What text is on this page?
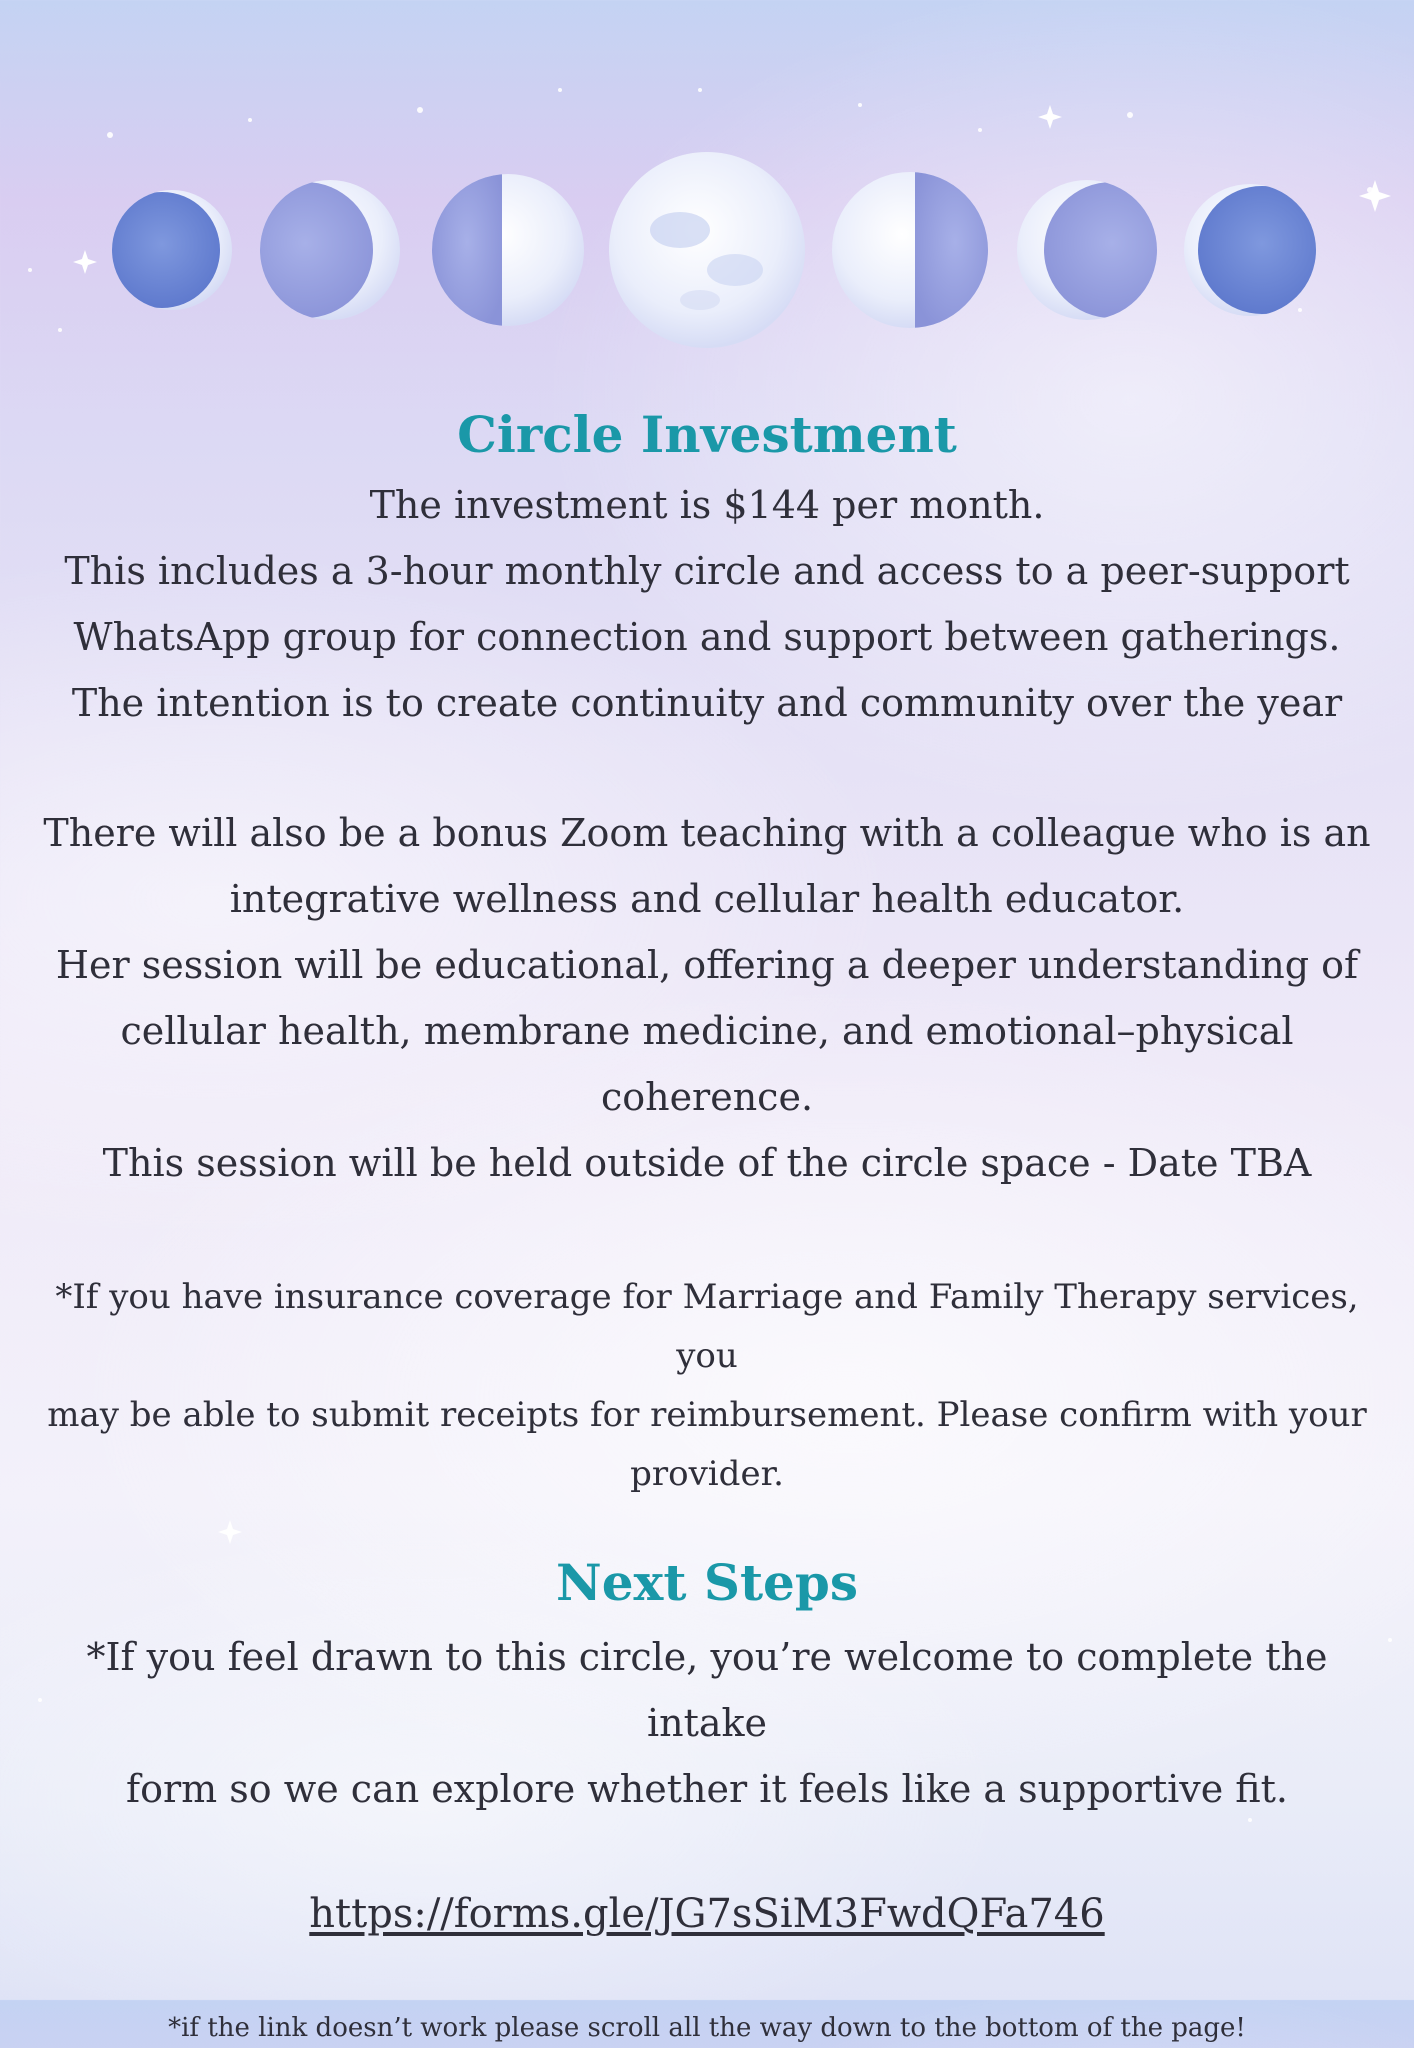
Circle Investment
The investment is $144 per month.
This includes a 3-hour monthly circle and access to a peer-support
WhatsApp group for connection and support between gatherings.
The intention is to create continuity and community over the year
There will also be a bonus Zoom teaching with a colleague who is an
integrative wellness and cellular health educator.
Her session will be educational, offering a deeper understanding of
cellular health, membrane medicine, and emotional–physical coherence.
This session will be held outside of the circle space - Date TBA
*If you have insurance coverage for Marriage and Family Therapy services, you
may be able to submit receipts for reimbursement. Please confirm with your
provider.
Next Steps
*If you feel drawn to this circle, you’re welcome to complete the intake
form so we can explore whether it feels like a supportive fit.
https://forms.gle/JG7sSiM3FwdQFa746
*if the link doesn’t work please scroll all the way down to the bottom of the page!
